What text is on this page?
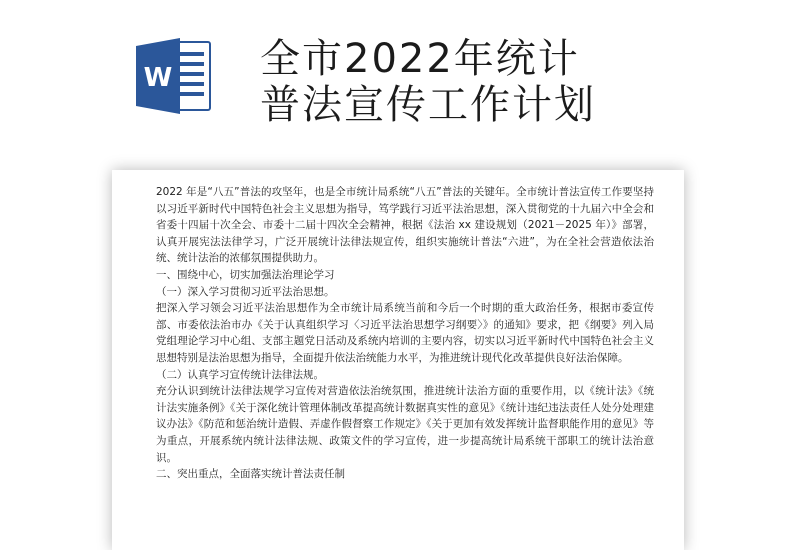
W 全市2022年统计
普法宣传工作计划

2022 年是“八五”普法的攻坚年，也是全市统计局系统“八五”普法的关键年。全市统计普法宣传工作要坚持以习近平新时代中国特色社会主义思想为指导，笃学践行习近平法治思想，深入贯彻党的十九届六中全会和省委十四届十次全会、市委十二届十四次全会精神，根据《法治 xx 建设规划（2021－2025 年）》部署，认真开展宪法法律学习，广泛开展统计法律法规宣传，组织实施统计普法“六进”，为在全社会营造依法治统、统计法治的浓郁氛围提供助力。

一、围绕中心，切实加强法治理论学习

（一）深入学习贯彻习近平法治思想。

把深入学习领会习近平法治思想作为全市统计局系统当前和今后一个时期的重大政治任务，根据市委宣传部、市委依法治市办《关于认真组织学习〈习近平法治思想学习纲要〉》的通知》要求，把《纲要》列入局党组理论学习中心组、支部主题党日活动及系统内培训的主要内容，切实以习近平新时代中国特色社会主义思想特别是法治思想为指导，全面提升依法治统能力水平，为推进统计现代化改革提供良好法治保障。

（二）认真学习宣传统计法律法规。

充分认识到统计法律法规学习宣传对营造依法治统氛围，推进统计法治方面的重要作用，以《统计法》《统计法实施条例》《关于深化统计管理体制改革提高统计数据真实性的意见》《统计违纪违法责任人处分处理建议办法》《防范和惩治统计造假、弄虚作假督察工作规定》《关于更加有效发挥统计监督职能作用的意见》等为重点，开展系统内统计法律法规、政策文件的学习宣传，进一步提高统计局系统干部职工的统计法治意识。

二、突出重点，全面落实统计普法责任制
